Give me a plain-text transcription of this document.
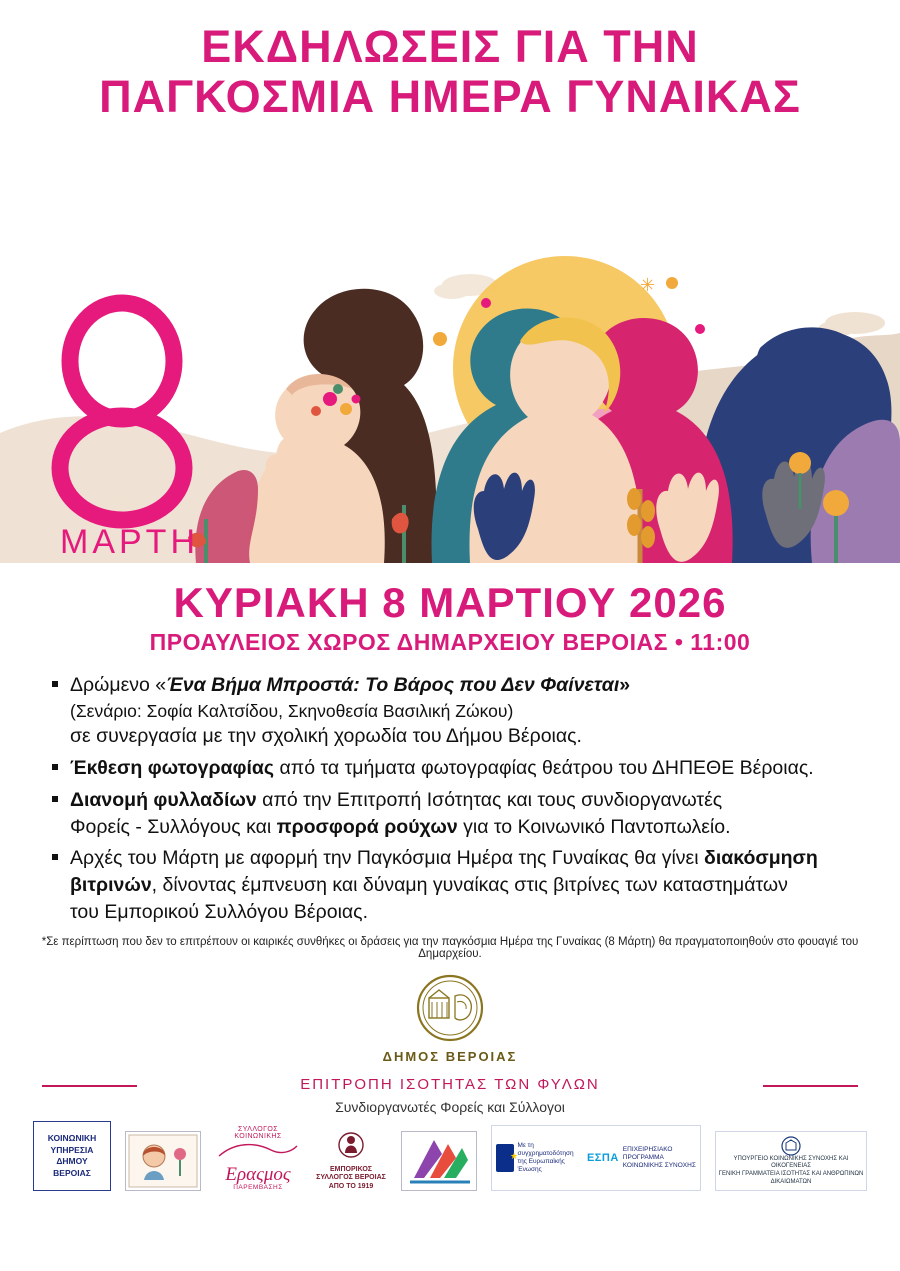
ΕΚΔΗΛΩΣΕΙΣ ΓΙΑ ΤΗΝ
ΠΑΓΚΟΣΜΙΑ ΗΜΕΡΑ ΓΥΝΑΙΚΑΣ
✳
ΜΑΡΤΗ
ΚΥΡΙΑΚΗ 8 ΜΑΡΤΙΟΥ 2026
ΠΡΟΑΥΛΕΙΟΣ ΧΩΡΟΣ ΔΗΜΑΡΧΕΙΟΥ ΒΕΡΟΙΑΣ • 11:00
Δρώμενο «Ένα Βήμα Μπροστά: Το Βάρος που Δεν Φαίνεται»
(Σενάριο: Σοφία Καλτσίδου, Σκηνοθεσία Βασιλική Ζώκου)
σε συνεργασία με την σχολική χορωδία του Δήμου Βέροιας.
Έκθεση φωτογραφίας από τα τμήματα φωτογραφίας θεάτρου του ΔΗΠΕΘΕ Βέροιας.
Διανομή φυλλαδίων από την Επιτροπή Ισότητας και τους συνδιοργανωτές
Φορείς - Συλλόγους και προσφορά ρούχων για το Κοινωνικό Παντοπωλείο.
Αρχές του Μάρτη με αφορμή την Παγκόσμια Ημέρα της Γυναίκας θα γίνει διακόσμηση
βιτρινών, δίνοντας έμπνευση και δύναμη γυναίκας στις βιτρίνες των καταστημάτων
του Εμπορικού Συλλόγου Βέροιας.
*Σε περίπτωση που δεν το επιτρέπουν οι καιρικές συνθήκες οι δράσεις για την παγκόσμια Ημέρα της Γυναίκας (8 Μάρτη) θα πραγματοποιηθούν στο φουαγιέ του Δημαρχείου.
ΔΗΜΟΣ ΒΕΡΟΙΑΣ
ΕΠΙΤΡΟΠΗ ΙΣΟΤΗΤΑΣ ΤΩΝ ΦΥΛΩΝ
Συνδιοργανωτές Φορείς και Σύλλογοι
ΚΟΙΝΩΝΙΚΗ ΥΠΗΡΕΣΙΑ ΔΗΜΟΥ ΒΕΡΟΙΑΣ
ΣΥΛΛΟΓΟΣ ΚΟΙΝΩΝΙΚΗΣ
Εραςμος
ΠΑΡΕΜΒΑΣΗΣ
ΕΜΠΟΡΙΚΟΣ ΣΥΛΛΟΓΟΣ ΒΕΡΟΙΑΣ ΑΠΟ ΤΟ 1919
★
Με τη συγχρηματοδότηση της Ευρωπαϊκής Ένωσης
ΕΣΠΑ
ΕΠΙΧΕΙΡΗΣΙΑΚΟ ΠΡΟΓΡΑΜΜΑ ΚΟΙΝΩΝΙΚΗΣ ΣΥΝΟΧΗΣ
ΥΠΟΥΡΓΕΙΟ ΚΟΙΝΩΝΙΚΗΣ ΣΥΝΟΧΗΣ ΚΑΙ ΟΙΚΟΓΕΝΕΙΑΣ
ΓΕΝΙΚΗ ΓΡΑΜΜΑΤΕΙΑ ΙΣΟΤΗΤΑΣ ΚΑΙ ΑΝΘΡΩΠΙΝΩΝ ΔΙΚΑΙΩΜΑΤΩΝ
